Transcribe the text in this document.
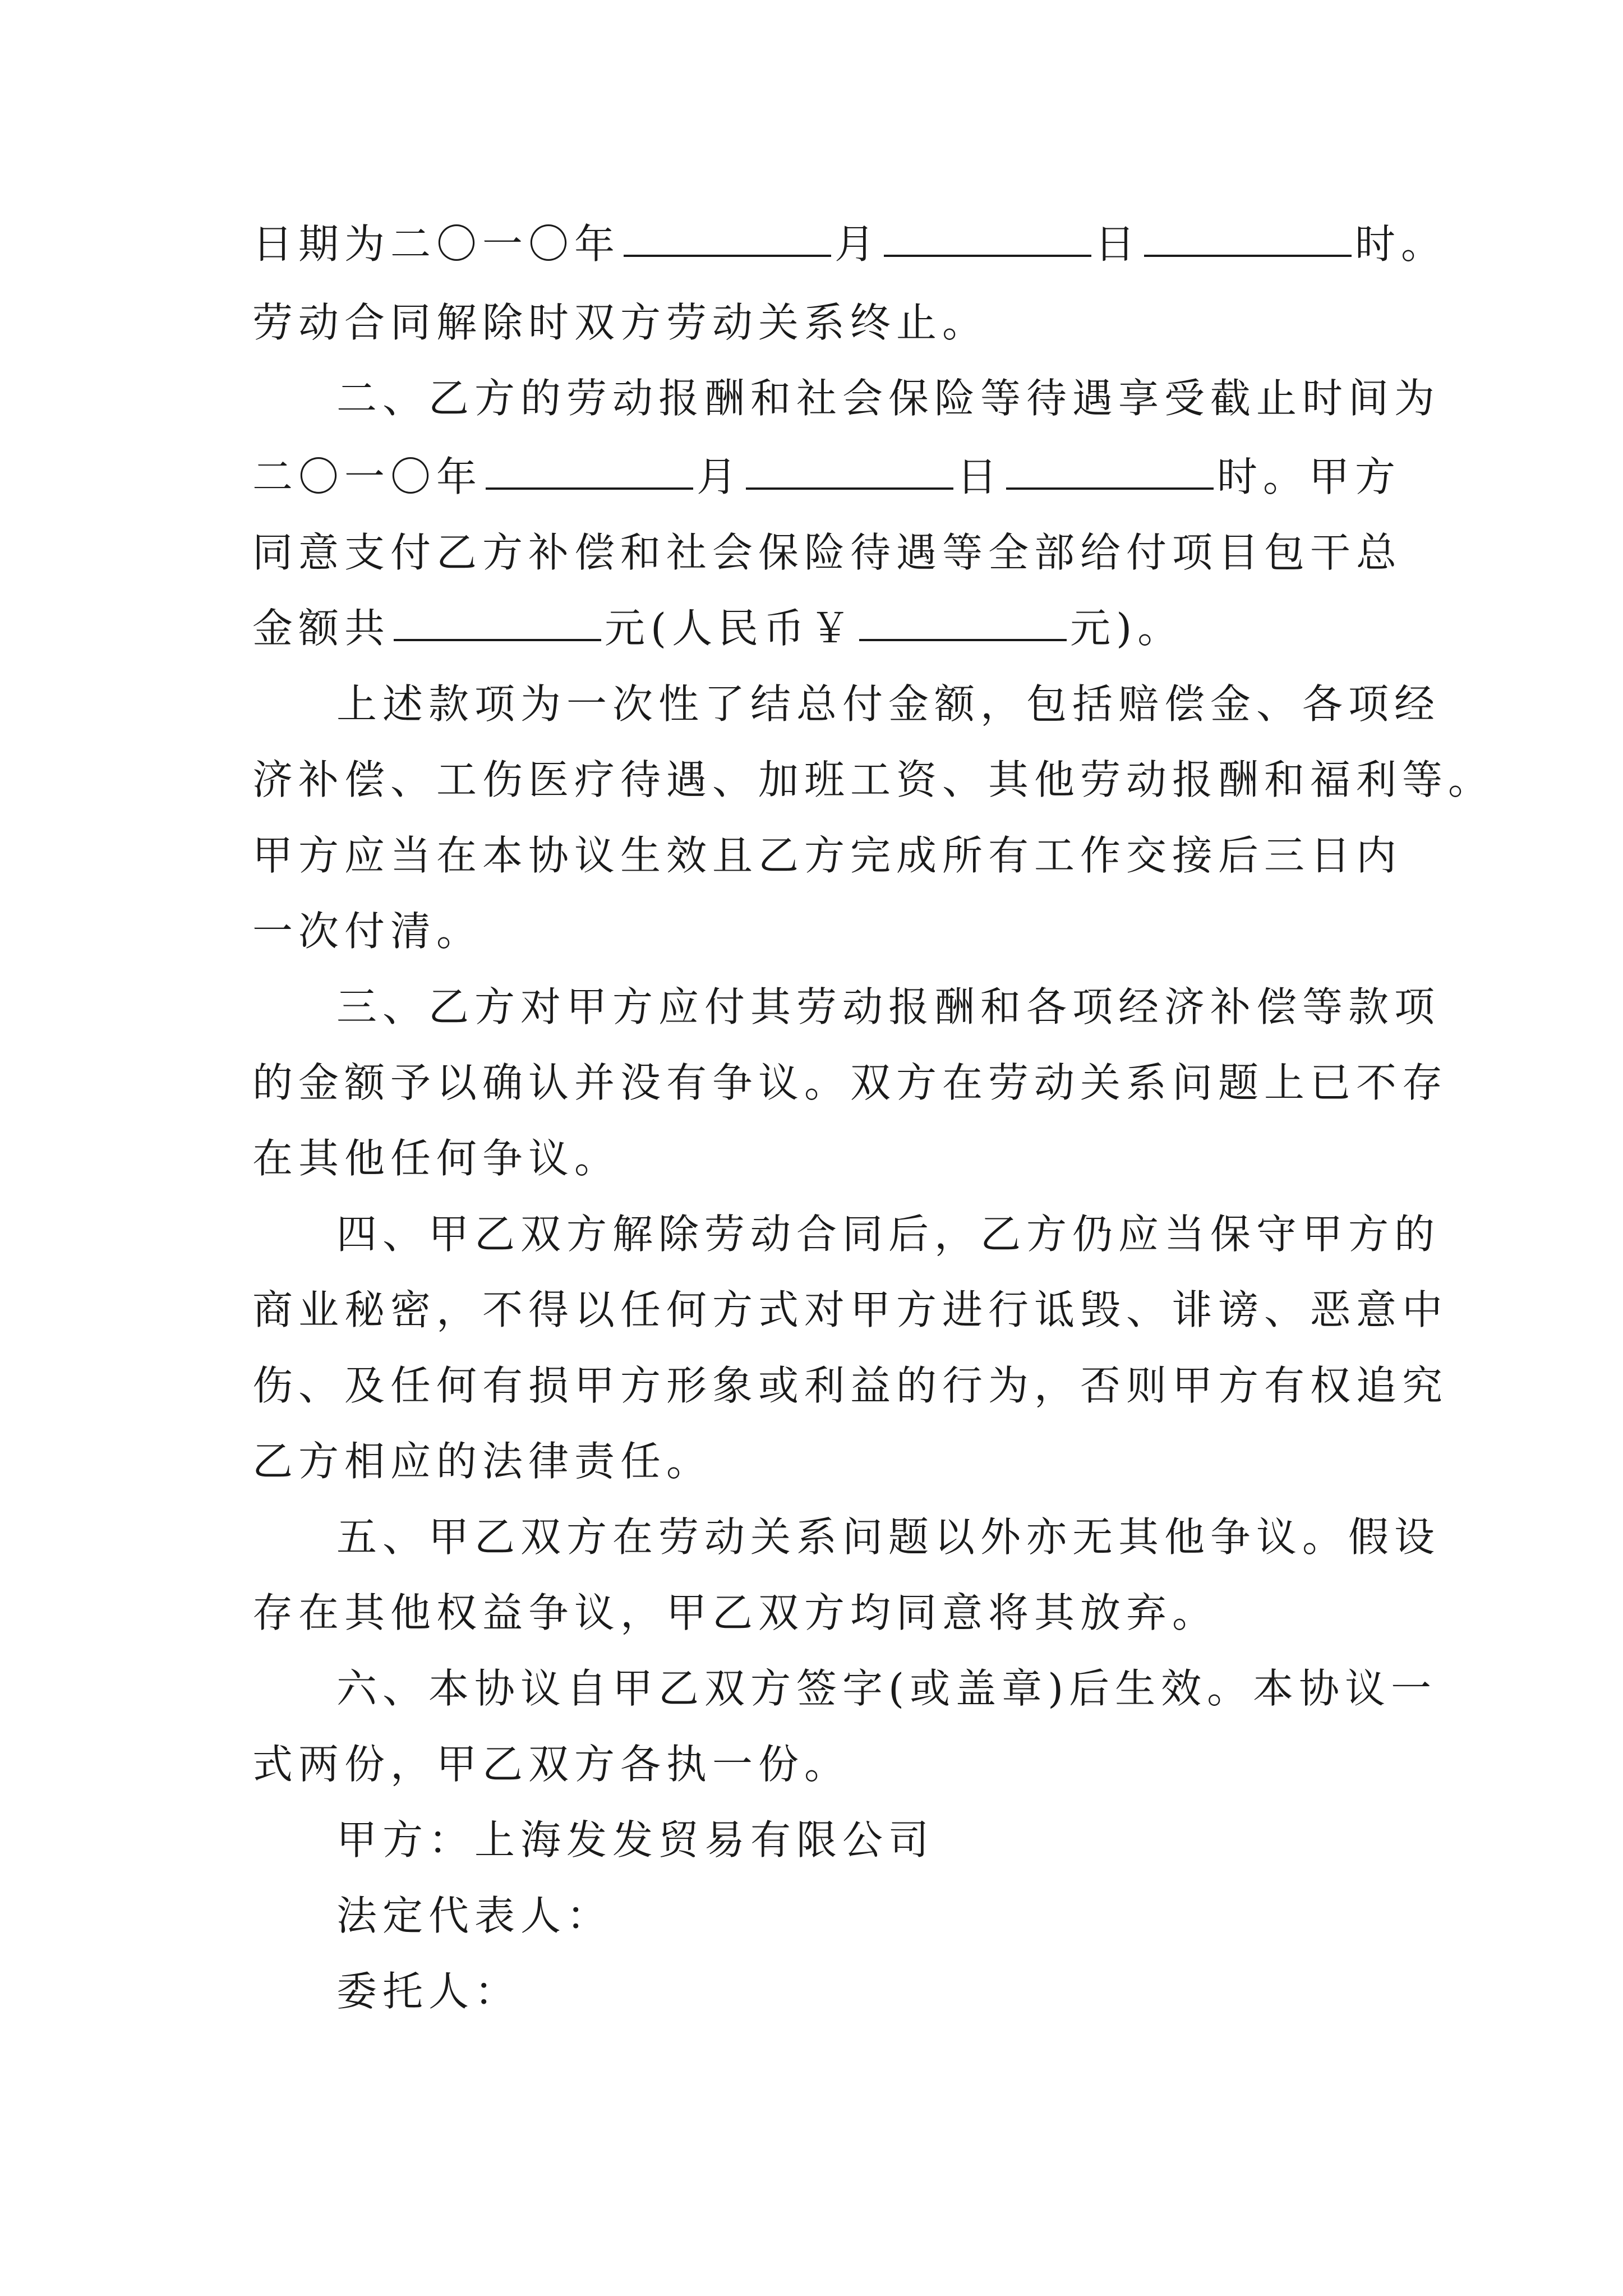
日期为二〇一〇年	月	日	时。
劳动合同解除时双方劳动关系终止。
二、乙方的劳动报酬和社会保险等待遇享受截止时间为
二〇一〇年	月	日	时。甲方
同意支付乙方补偿和社会保险待遇等全部给付项目包干总
金额共	元(人民币￥	元)。
上述款项为一次性了结总付金额，包括赔偿金、各项经
济补偿、工伤医疗待遇、加班工资、其他劳动报酬和福利等。
甲方应当在本协议生效且乙方完成所有工作交接后三日内
一次付清。
三、乙方对甲方应付其劳动报酬和各项经济补偿等款项
的金额予以确认并没有争议。双方在劳动关系问题上已不存
在其他任何争议。
四、甲乙双方解除劳动合同后，乙方仍应当保守甲方的
商业秘密，不得以任何方式对甲方进行诋毁、诽谤、恶意中
伤、及任何有损甲方形象或利益的行为，否则甲方有权追究
乙方相应的法律责任。
五、甲乙双方在劳动关系问题以外亦无其他争议。假设
存在其他权益争议，甲乙双方均同意将其放弃。
六、本协议自甲乙双方签字(或盖章)后生效。本协议一
式两份，甲乙双方各执一份。
甲方：上海发发贸易有限公司
法定代表人：
委托人：
